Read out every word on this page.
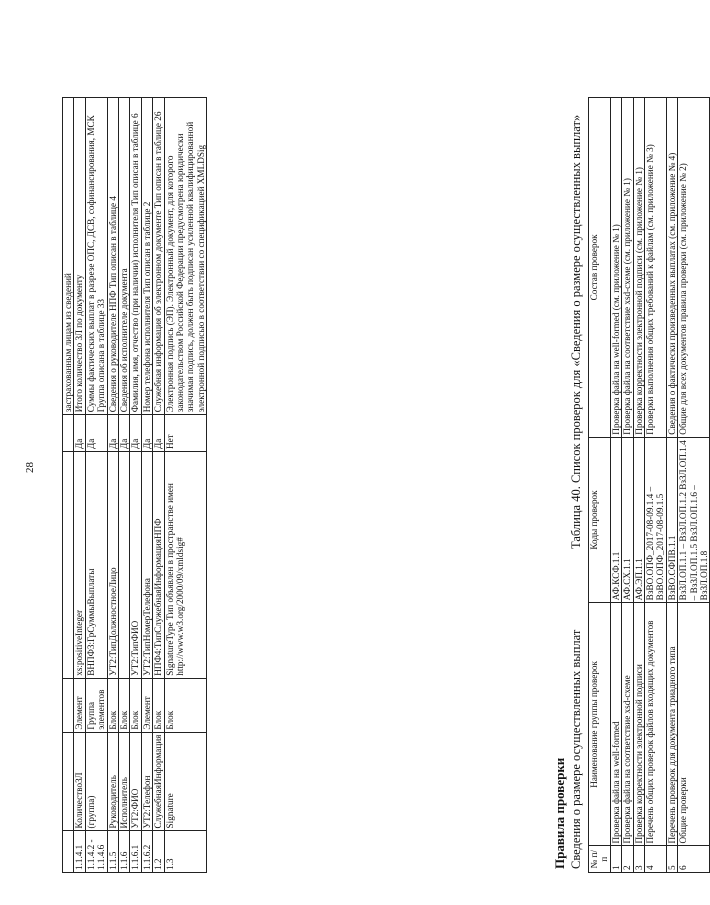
28
					застрахованным лицам из сведений
1.1.4.1	КоличествоЗЛ	Элемент	xs:positiveInteger	Да	Итого количество ЗЛ по документу
1.1.4.2 - 1.1.4.6	(группа)	Группа элементов	ВНПФ3:ГрСуммыВыплаты	Да	Суммы фактических выплат в разрезе ОПС, ДСВ, софинансирования, МСК Группа описана в таблице 33
1.1.5	Руководитель	Блок	УТ2:ТипДолжностноеЛицо	Да	Сведения о руководителе НПФ Тип описан в таблице 4
1.1.6	Исполнитель	Блок		Да	Сведения об исполнителе документа
1.1.6.1	УТ2:ФИО	Блок	УТ2:ТипФИО	Да	Фамилия, имя, отчество (при наличии) исполнителя Тип описан в таблице 6
1.1.6.2	УТ2:Телефон	Элемент	УТ2:ТипНомерТелефона	Да	Номер телефона исполнителя Тип описан в таблице 2
1.2	СлужебнаяИнформация	Блок	НПФ4:ТипСлужебнаяИнформацияНПФ	Да	Служебная информация об электронном документе Тип описан в таблице 26
1.3	Signature	Блок	SignatureType Тип объявлен в пространстве имен http://www.w3.org/2000/09/xmldsig#	Нет	Электронная подпись (ЭП). Электронный документ, для которого законодательством Российской Федерации предусмотрена юридически значимая подпись, должен быть подписан усиленной квалифицированной электронной подписью в соответствии со спецификацией XMLDSig
Правила проверки Сведения о размере осуществленных выплат
Таблица 40. Список проверок для «Сведения о размере осуществленных выплат»
№ п/п	Наименование группы проверок	Коды проверок	Состав проверок
1	Проверка файла на well-formed	АФ.КСФ.1.1	Проверка файла на well-formed (см. приложение № 1)
2	Проверка файла на соответствие xsd-схеме	АФ.СХ.1.1	Проверка файла на соответствие xsd-схеме (см. приложение № 1)
3	Проверка корректности электронной подписи	АФ.ЭП.1.1	Проверка корректности электронной подписи (см. приложение № 1)
4	Перечень общих проверок файлов входящих документов	ВзВО.ОПФ_2017-08-09.1.4 – ВзВО.ОПФ_2017-08-09.1.5	Проверки выполнения общих требований к файлам (см. приложение № 3)
5	Перечень проверок для документа триадного типа	ВзВО.СФПВ.1.1	Сведения о фактически произведенных выплатах (см. приложение № 4)
6	Общие проверки	ВзЗЛ.ОП.1.1 – ВзЗЛ.ОП.1.2 ВзЗЛ.ОП.1.4 – ВзЗЛ.ОП.1.5 ВзЗЛ.ОП.1.6 – ВзЗЛ.ОП.1.8	Общие для всех документов правила проверки (см. приложение № 2)
